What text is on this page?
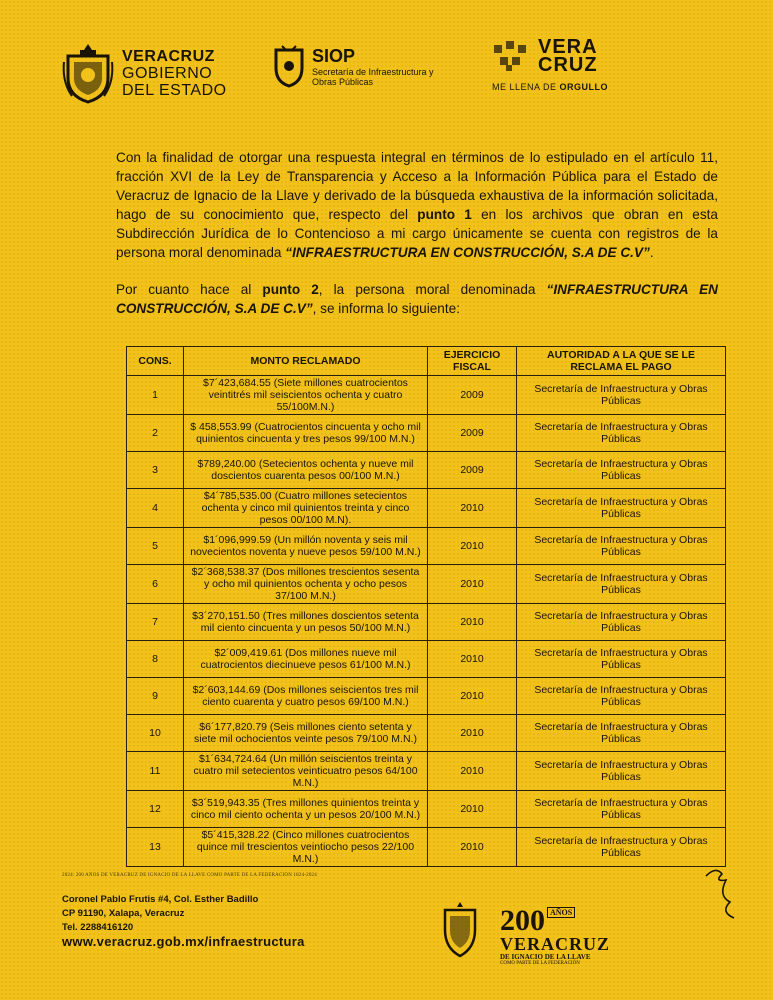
VERACRUZ
GOBIERNO
DEL ESTADO
SIOP
Secretaría de Infraestructura y Obras Públicas
VERA
CRUZ
ME LLENA DE ORGULLO

Con la finalidad de otorgar una respuesta integral en términos de lo estipulado en el artículo 11, fracción XVI de la Ley de Transparencia y Acceso a la Información Pública para el Estado de Veracruz de Ignacio de la Llave y derivado de la búsqueda exhaustiva de la información solicitada, hago de su conocimiento que, respecto del punto 1 en los archivos que obran en esta Subdirección Jurídica de lo Contencioso a mi cargo únicamente se cuenta con registros de la persona moral denominada “INFRAESTRUCTURA EN CONSTRUCCIÓN, S.A DE C.V”.

Por cuanto hace al punto 2, la persona moral denominada “INFRAESTRUCTURA EN CONSTRUCCIÓN, S.A DE C.V”, se informa lo siguiente:

CONS.	MONTO RECLAMADO	EJERCICIO FISCAL	AUTORIDAD A LA QUE SE LE RECLAMA EL PAGO
1	$7´423,684.55 (Siete millones cuatrocientos veintitrés mil seiscientos ochenta y cuatro 55/100M.N.)	2009	Secretaría de Infraestructura y Obras Públicas
2	$ 458,553.99 (Cuatrocientos cincuenta y ocho mil quinientos cincuenta y tres pesos 99/100 M.N.)	2009	Secretaría de Infraestructura y Obras Públicas
3	$789,240.00 (Setecientos ochenta y nueve mil doscientos cuarenta pesos 00/100 M.N.)	2009	Secretaría de Infraestructura y Obras Públicas
4	$4´785,535.00 (Cuatro millones setecientos ochenta y cinco mil quinientos treinta y cinco pesos 00/100 M.N).	2010	Secretaría de Infraestructura y Obras Públicas
5	$1´096,999.59 (Un millón noventa y seis mil novecientos noventa y nueve pesos 59/100 M.N.)	2010	Secretaría de Infraestructura y Obras Públicas
6	$2´368,538.37 (Dos millones trescientos sesenta y ocho mil quinientos ochenta y ocho pesos 37/100 M.N.)	2010	Secretaría de Infraestructura y Obras Públicas
7	$3´270,151.50 (Tres millones doscientos setenta mil ciento cincuenta y un pesos 50/100 M.N.)	2010	Secretaría de Infraestructura y Obras Públicas
8	$2´009,419.61 (Dos millones nueve mil cuatrocientos diecinueve pesos 61/100 M.N.)	2010	Secretaría de Infraestructura y Obras Públicas
9	$2´603,144.69 (Dos millones seiscientos tres mil ciento cuarenta y cuatro pesos 69/100 M.N.)	2010	Secretaría de Infraestructura y Obras Públicas
10	$6´177,820.79 (Seis millones ciento setenta y siete mil ochocientos veinte pesos 79/100 M.N.)	2010	Secretaría de Infraestructura y Obras Públicas
11	$1´634,724.64 (Un millón seiscientos treinta y cuatro mil setecientos veinticuatro pesos 64/100 M.N.)	2010	Secretaría de Infraestructura y Obras Públicas
12	$3´519,943.35 (Tres millones quinientos treinta y cinco mil ciento ochenta y un pesos 20/100 M.N.)	2010	Secretaría de Infraestructura y Obras Públicas
13	$5´415,328.22 (Cinco millones cuatrocientos quince mil trescientos veintiocho pesos 22/100 M.N.)	2010	Secretaría de Infraestructura y Obras Públicas
2024: 200 AÑOS DE VERACRUZ DE IGNACIO DE LA LLAVE COMO PARTE DE LA FEDERACIÓN 1824-2024
Coronel Pablo Frutis #4, Col. Esther Badillo
CP 91190, Xalapa, Veracruz
Tel. 2288416120
www.veracruz.gob.mx/infraestructura
200 $^{AÑOS}$
VERACRUZ
DE IGNACIO DE LA LLAVE
COMO PARTE DE LA FEDERACIÓN
